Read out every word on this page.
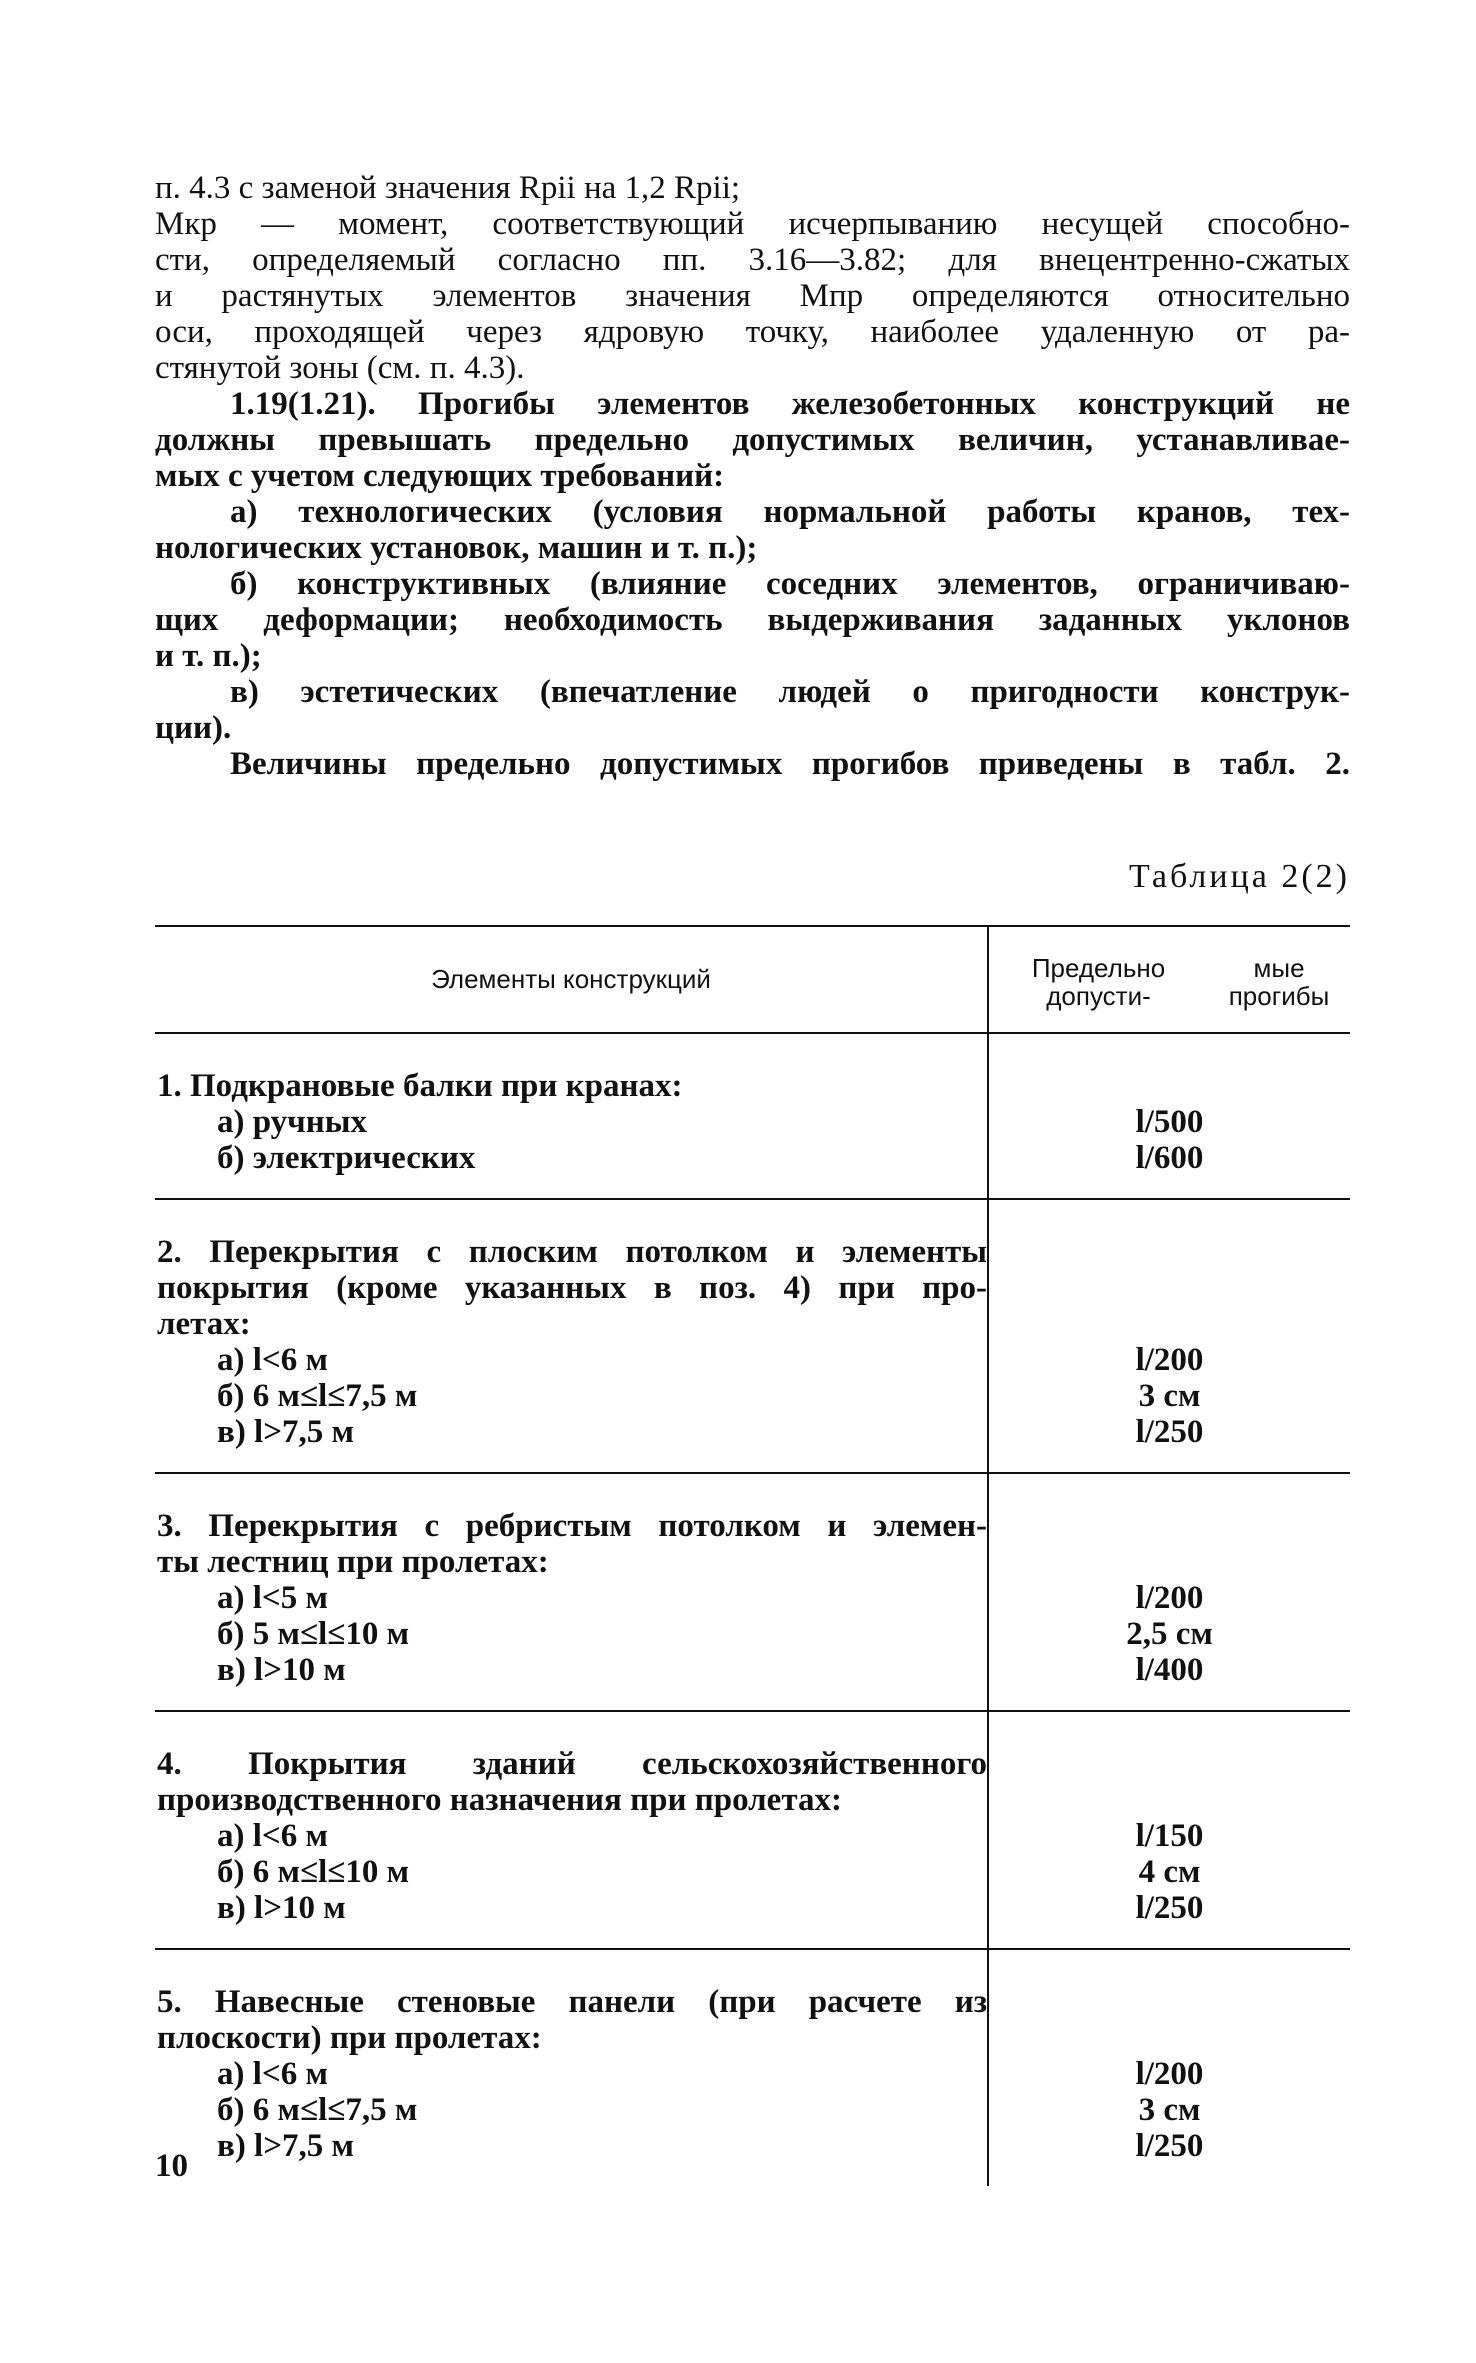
п. 4.3 с заменой значения Rpii на 1,2 Rpii;
Mкр — момент, соответствующий исчерпыванию несущей способно-
сти, определяемый согласно пп. 3.16—3.82; для внецентренно-сжатых
и растянутых элементов значения Mпр определяются относительно
оси, проходящей через ядровую точку, наиболее удаленную от ра-
стянутой зоны (см. п. 4.3).
1.19(1.21). Прогибы элементов железобетонных конструкций не
должны превышать предельно допустимых величин, устанавливае-
мых с учетом следующих требований:
а) технологических (условия нормальной работы кранов, тех-
нологических установок, машин и т. п.);
б) конструктивных (влияние соседних элементов, ограничиваю-
щих деформации; необходимость выдерживания заданных уклонов
и т. п.);
в) эстетических (впечатление людей о пригодности конструк-
ции).
Величины предельно допустимых прогибов приведены в табл. 2.
Таблица 2(2)
Элементы конструкций	Предельно допусти-

мые прогибы
1. Подкрановые балки при кранах:
а) ручных
б) электрических

l/500
l/600
2. Перекрытия с плоским потолком и элементы
покрытия (кроме указанных в поз. 4) при про-
летах:
а) l<6 м
б) 6 м≤l≤7,5 м
в) l>7,5 м

l/200
3 см
l/250
3. Перекрытия с ребристым потолком и элемен-
ты лестниц при пролетах:
а) l<5 м
б) 5 м≤l≤10 м
в) l>10 м

l/200
2,5 см
l/400
4. Покрытия зданий сельскохозяйственного
производственного назначения при пролетах:
а) l<6 м
б) 6 м≤l≤10 м
в) l>10 м

l/150
4 см
l/250
5. Навесные стеновые панели (при расчете из
плоскости) при пролетах:
а) l<6 м
б) 6 м≤l≤7,5 м
в) l>7,5 м

l/200
3 см
l/250
10
